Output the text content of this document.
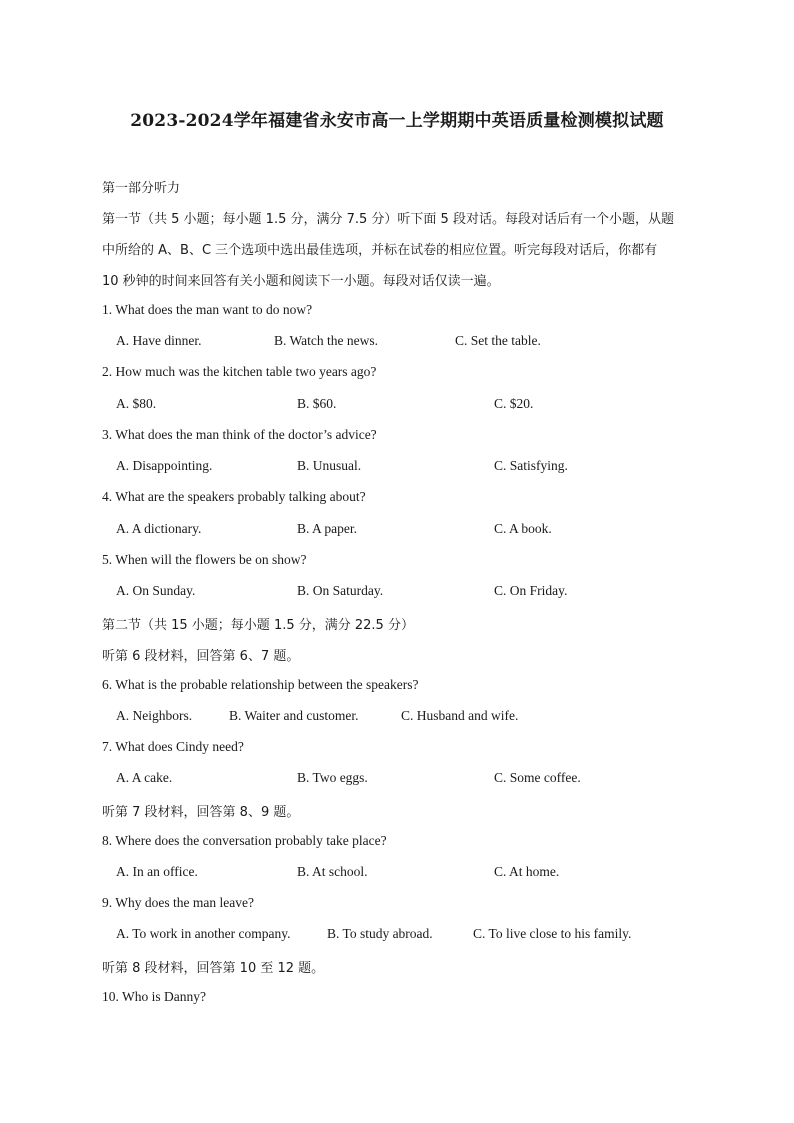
2023-2024学年福建省永安市高一上学期期中英语质量检测模拟试题
第一部分听力
第一节（共 5 小题；每小题 1.5 分，满分 7.5 分）听下面 5 段对话。每段对话后有一个小题，从题
中所给的 A、B、C 三个选项中选出最佳选项，并标在试卷的相应位置。听完每段对话后，你都有
10 秒钟的时间来回答有关小题和阅读下一小题。每段对话仅读一遍。
1. What does the man want to do now?
A. Have dinner.	B. Watch the news.	C. Set the table.
2. How much was the kitchen table two years ago?
A. $80.	B. $60.	C. $20.
3. What does the man think of the doctor’s advice?
A. Disappointing.	B. Unusual.	C. Satisfying.
4. What are the speakers probably talking about?
A. A dictionary.	B. A paper.	C. A book.
5. When will the flowers be on show?
A. On Sunday.	B. On Saturday.	C. On Friday.
第二节（共 15 小题；每小题 1.5 分，满分 22.5 分）
听第 6 段材料，回答第 6、7 题。
6. What is the probable relationship between the speakers?
A. Neighbors.	B. Waiter and customer.	C. Husband and wife.
7. What does Cindy need?
A. A cake.	B. Two eggs.	C. Some coffee.
听第 7 段材料，回答第 8、9 题。
8. Where does the conversation probably take place?
A. In an office.	B. At school.	C. At home.
9. Why does the man leave?
A. To work in another company.	B. To study abroad.	C. To live close to his family.
听第 8 段材料，回答第 10 至 12 题。
10. Who is Danny?
